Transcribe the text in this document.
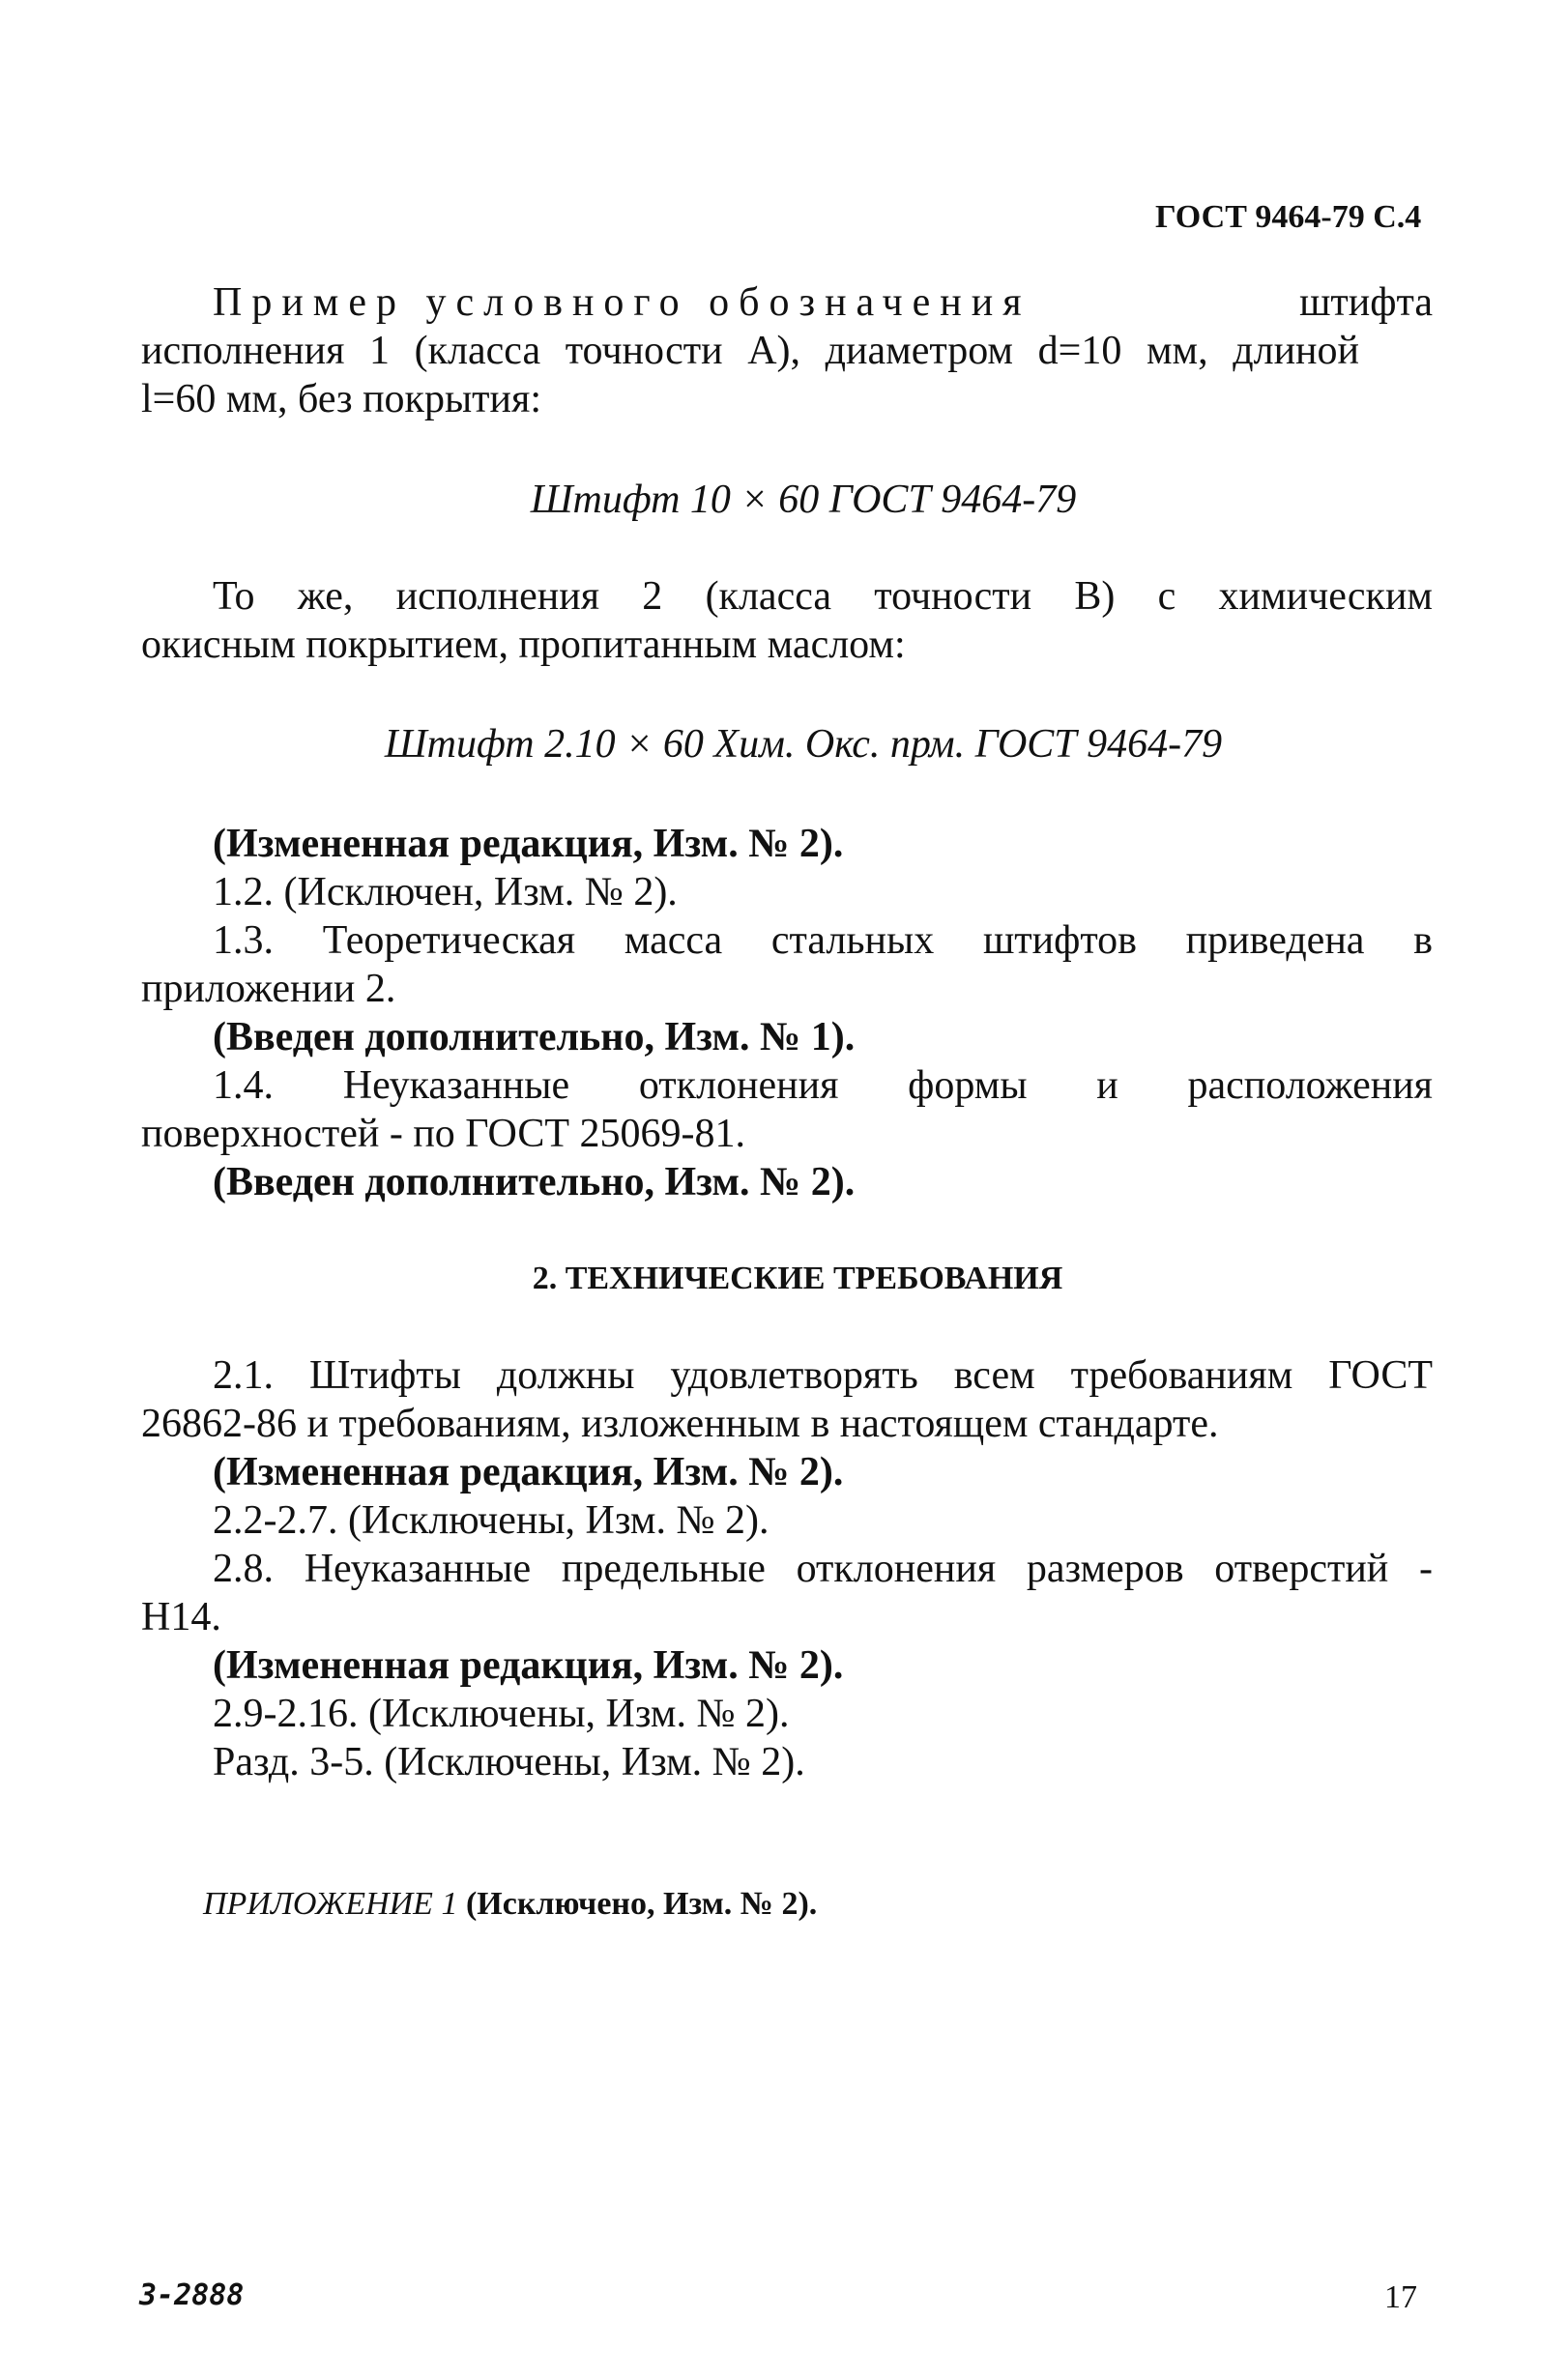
ГОСТ 9464-79 С.4
Пример условного обозначения	штифта
исполнения 1 (класса точности А), диаметром d=10 мм, длиной
l=60 мм, без покрытия:
Штифт 10 × 60 ГОСТ 9464-79
То же, исполнения 2 (класса точности В) с химическим
окисным покрытием, пропитанным маслом:
Штифт 2.10 × 60 Хим. Окс. прм. ГОСТ 9464-79
(Измененная редакция, Изм. № 2).
1.2. (Исключен, Изм. № 2).
1.3. Теоретическая масса стальных штифтов приведена в
приложении 2.
(Введен дополнительно, Изм. № 1).
1.4. Неуказанные отклонения формы и расположения
поверхностей - по ГОСТ 25069-81.
(Введен дополнительно, Изм. № 2).
2. ТЕХНИЧЕСКИЕ ТРЕБОВАНИЯ
2.1. Штифты должны удовлетворять всем требованиям ГОСТ
26862-86 и требованиям, изложенным в настоящем стандарте.
(Измененная редакция, Изм. № 2).
2.2-2.7. (Исключены, Изм. № 2).
2.8. Неуказанные предельные отклонения размеров отверстий -
H14.
(Измененная редакция, Изм. № 2).
2.9-2.16. (Исключены, Изм. № 2).
Разд. 3-5. (Исключены, Изм. № 2).
ПРИЛОЖЕНИЕ 1 (Исключено, Изм. № 2).
3-2888	17
